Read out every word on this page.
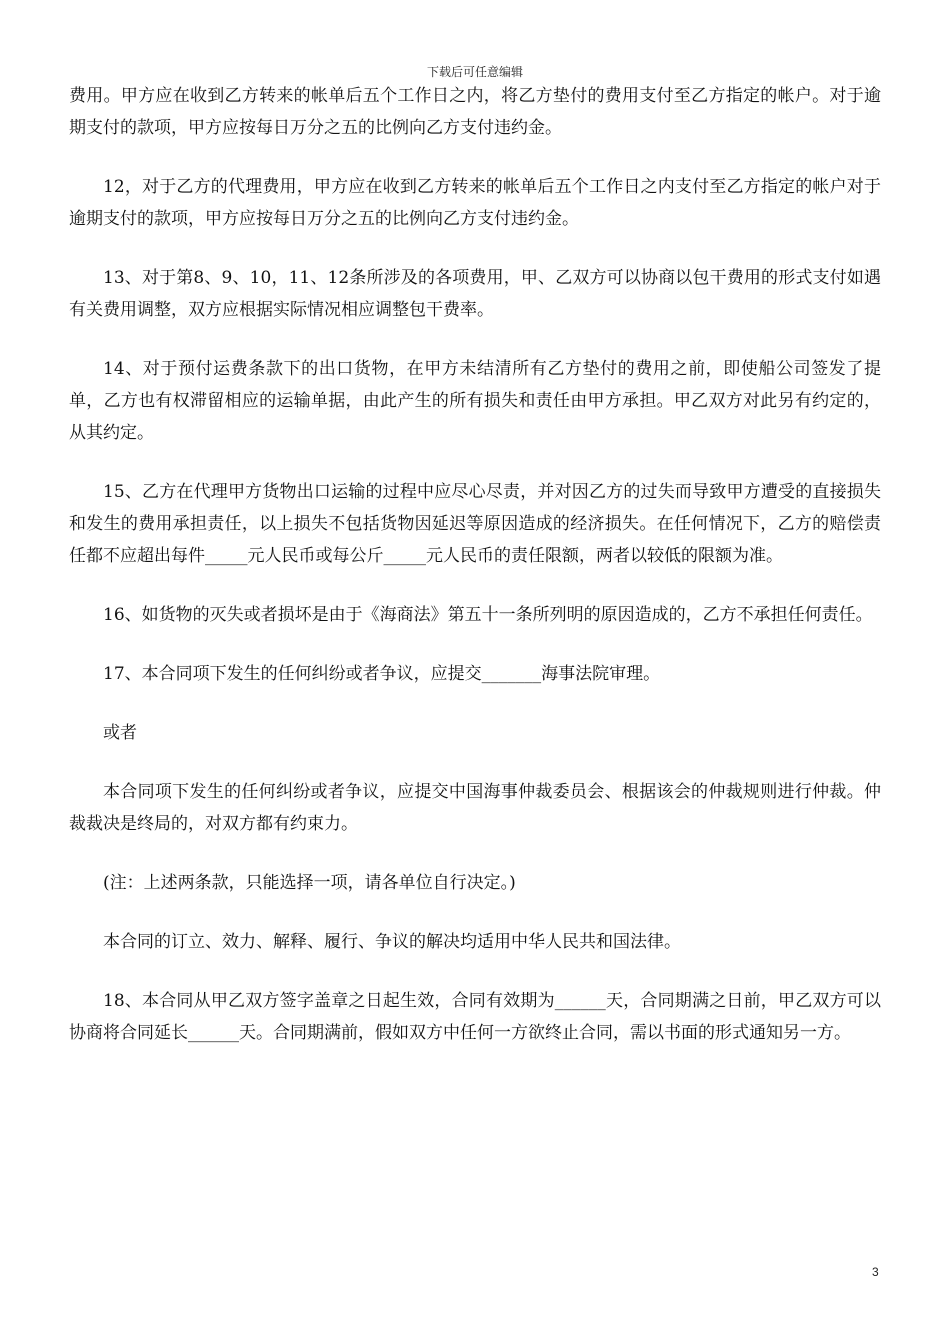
下载后可任意编辑

费用。甲方应在收到乙方转来的帐单后五个工作日之内，将乙方垫付的费用支付至乙方指定的帐户。对于逾期支付的款项，甲方应按每日万分之五的比例向乙方支付违约金。

12，对于乙方的代理费用，甲方应在收到乙方转来的帐单后五个工作日之内支付至乙方指定的帐户对于逾期支付的款项，甲方应按每日万分之五的比例向乙方支付违约金。

13、对于第8、9、10，11、12条所涉及的各项费用，甲、乙双方可以协商以包干费用的形式支付如遇有关费用调整，双方应根据实际情况相应调整包干费率。

14、对于预付运费条款下的出口货物，在甲方未结清所有乙方垫付的费用之前，即使船公司签发了提单，乙方也有权滞留相应的运输单据，由此产生的所有损失和责任由甲方承担。甲乙双方对此另有约定的，从其约定。

15、乙方在代理甲方货物出口运输的过程中应尽心尽责，并对因乙方的过失而导致甲方遭受的直接损失和发生的费用承担责任，以上损失不包括货物因延迟等原因造成的经济损失。在任何情况下，乙方的赔偿责任都不应超出每件_____元人民币或每公斤_____元人民币的责任限额，两者以较低的限额为准。

16、如货物的灭失或者损坏是由于《海商法》第五十一条所列明的原因造成的，乙方不承担任何责任。

17、本合同项下发生的任何纠纷或者争议，应提交_______海事法院审理。

或者

本合同项下发生的任何纠纷或者争议，应提交中国海事仲裁委员会、根据该会的仲裁规则进行仲裁。仲裁裁决是终局的，对双方都有约束力。

(注：上述两条款，只能选择一项，请各单位自行决定。)

本合同的订立、效力、解释、履行、争议的解决均适用中华人民共和国法律。

18、本合同从甲乙双方签字盖章之日起生效，合同有效期为______天，合同期满之日前，甲乙双方可以协商将合同延长______天。合同期满前，假如双方中任何一方欲终止合同，需以书面的形式通知另一方。

3
